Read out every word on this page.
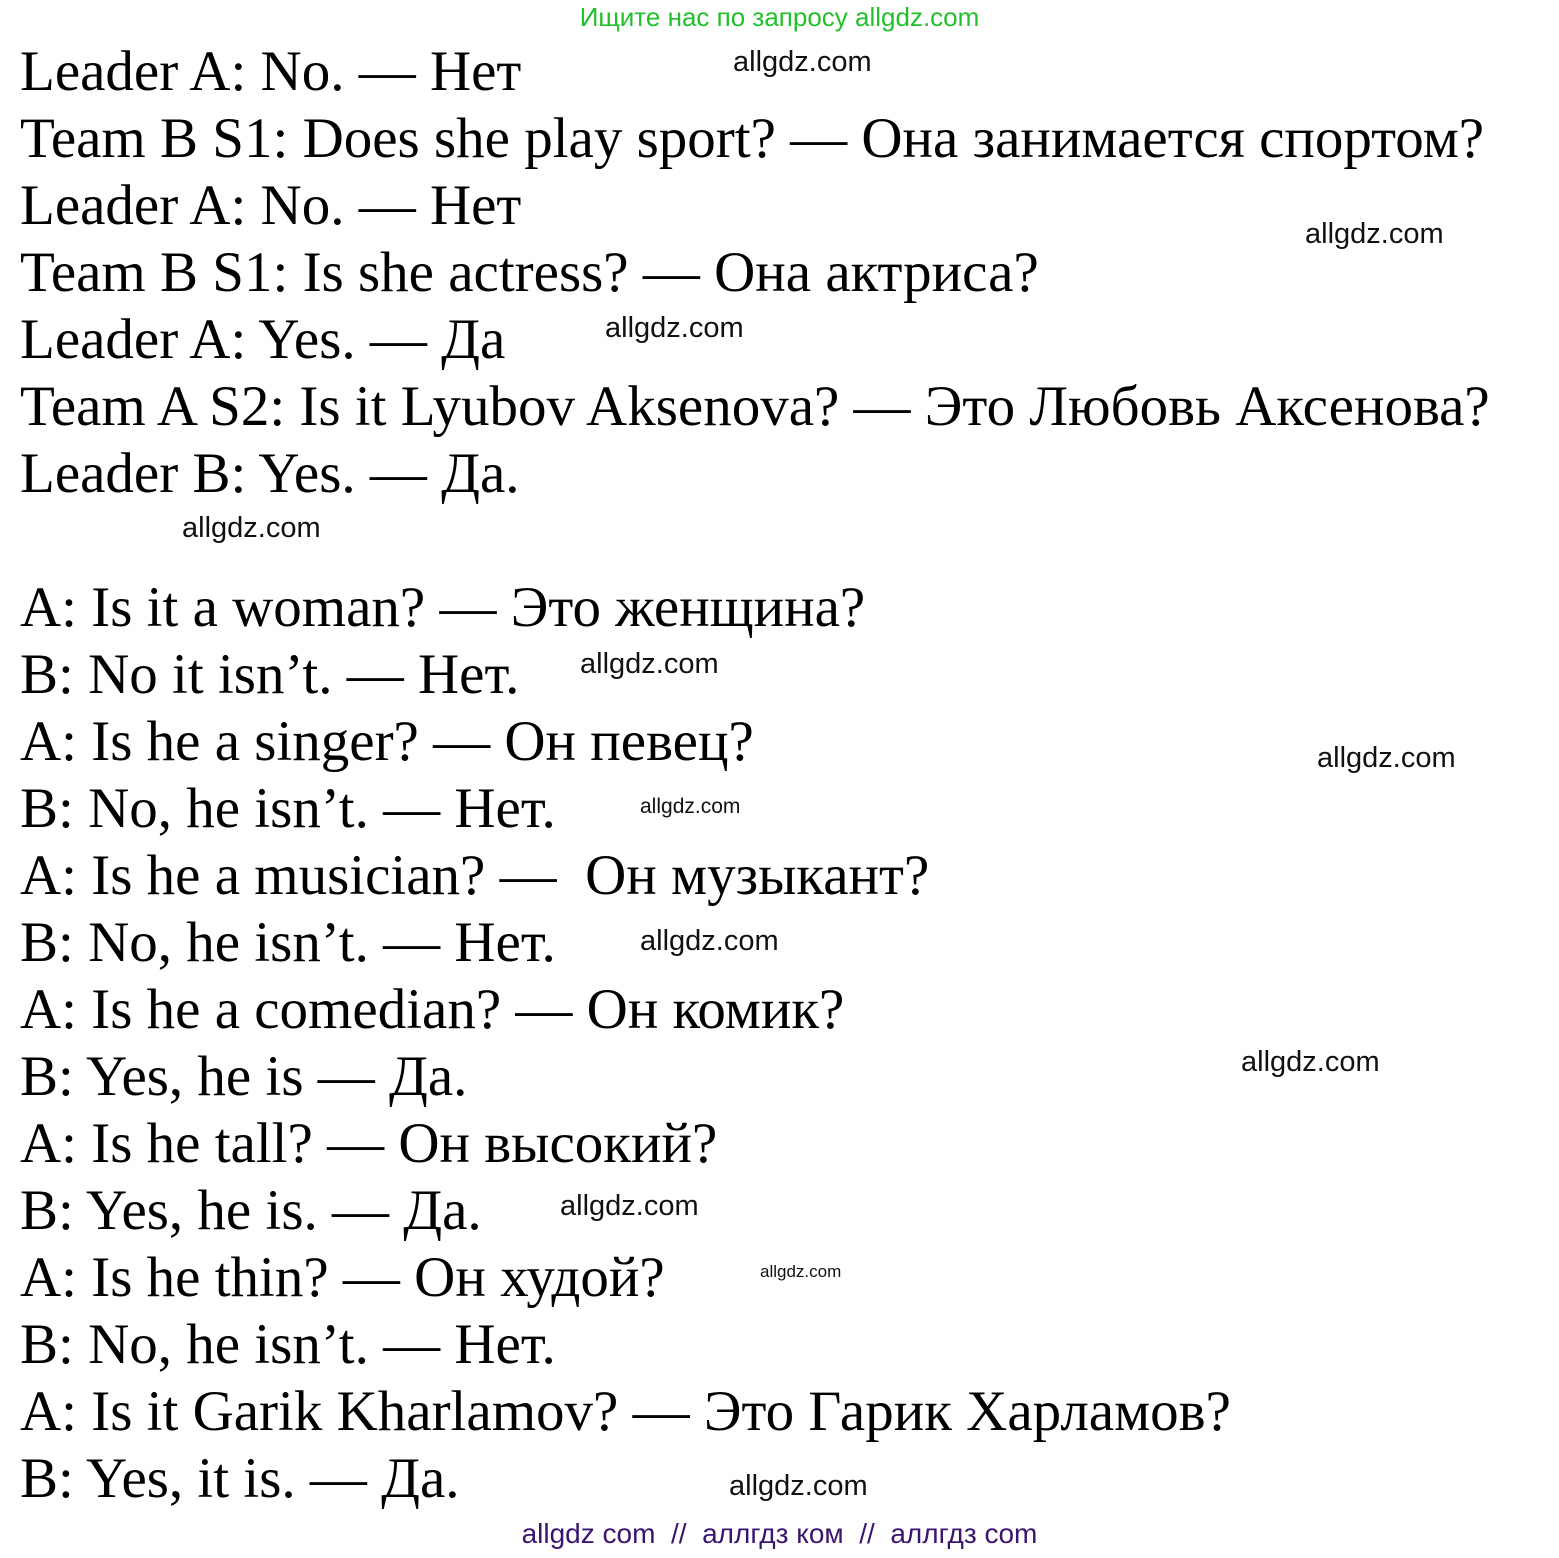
Ищите нас по запросу allgdz.com
Leader A: No. — Нет
Team B S1: Does she play sport? — Она занимается спортом?
Leader A: No. — Нет
Team B S1: Is she actress? — Она актриса?
Leader A: Yes. — Да
Team A S2: Is it Lyubov Aksenova? — Это Любовь Аксенова?
Leader B: Yes. — Да.
A: Is it a woman? — Это женщина?
B: No it isn’t. — Нет.
A: Is he a singer? — Он певец?
B: No, he isn’t. — Нет.
A: Is he a musician? —  Он музыкант?
B: No, he isn’t. — Нет.
A: Is he a comedian? — Он комик?
B: Yes, he is — Да.
A: Is he tall? — Он высокий?
B: Yes, he is. — Да.
A: Is he thin? — Он худой?
B: No, he isn’t. — Нет.
A: Is it Garik Kharlamov? — Это Гарик Харламов?
B: Yes, it is. — Да.
allgdz.com
allgdz.com
allgdz.com
allgdz.com
allgdz.com
allgdz.com
allgdz.com
allgdz.com
allgdz.com
allgdz.com
allgdz.com
allgdz.com
allgdz com  //  аллгдз ком  //  аллгдз com
